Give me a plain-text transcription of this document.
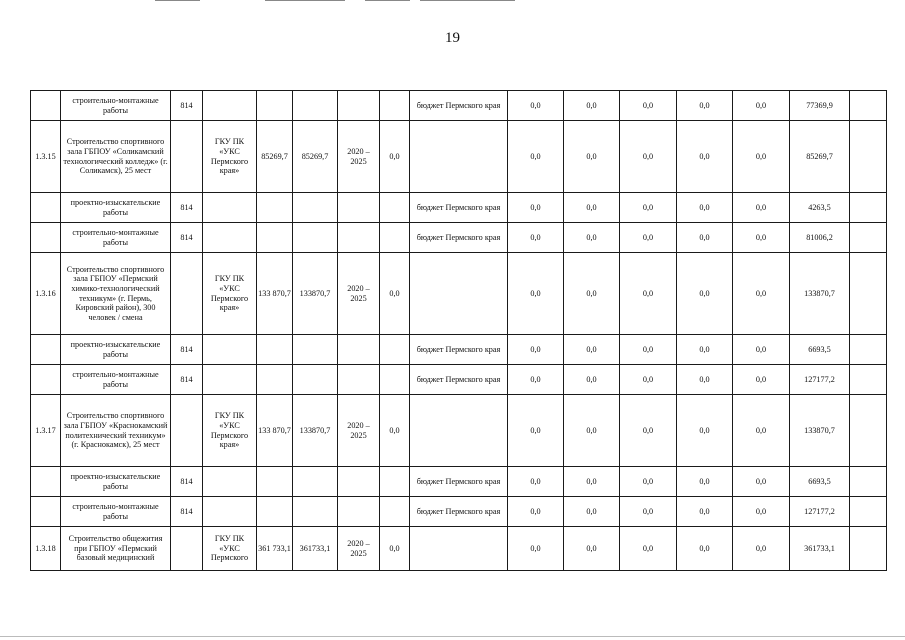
19
	строительно-монтажные работы	814						бюджет Пермского края	0,0	0,0	0,0	0,0	0,0	77369,9	
1.3.15	Строительство спортивного зала ГБПОУ «Соликамский технологический колледж» (г. Соликамск), 25 мест		ГКУ ПК «УКС Пермского края»	85269,7	85269,7	2020 – 2025	0,0		0,0	0,0	0,0	0,0	0,0	85269,7	
	проектно-изыскательские работы	814						бюджет Пермского края	0,0	0,0	0,0	0,0	0,0	4263,5	
	строительно-монтажные работы	814						бюджет Пермского края	0,0	0,0	0,0	0,0	0,0	81006,2	
1.3.16	Строительство спортивного зала ГБПОУ «Пермский химико-технологический техникум» (г. Пермь, Кировский район), 300 человек / смена		ГКУ ПК «УКС Пермского края»	133 870,7	133870,7	2020 – 2025	0,0		0,0	0,0	0,0	0,0	0,0	133870,7	
	проектно-изыскательские работы	814						бюджет Пермского края	0,0	0,0	0,0	0,0	0,0	6693,5	
	строительно-монтажные работы	814						бюджет Пермского края	0,0	0,0	0,0	0,0	0,0	127177,2	
1.3.17	Строительство спортивного зала ГБПОУ «Краснокамский политехнический техникум» (г. Краснокамск), 25 мест		ГКУ ПК «УКС Пермского края»	133 870,7	133870,7	2020 – 2025	0,0		0,0	0,0	0,0	0,0	0,0	133870,7	
	проектно-изыскательские работы	814						бюджет Пермского края	0,0	0,0	0,0	0,0	0,0	6693,5	
	строительно-монтажные работы	814						бюджет Пермского края	0,0	0,0	0,0	0,0	0,0	127177,2	
1.3.18	Строительство общежития при ГБПОУ «Пермский базовый медицинский		ГКУ ПК «УКС Пермского	361 733,1	361733,1	2020 – 2025	0,0		0,0	0,0	0,0	0,0	0,0	361733,1	
